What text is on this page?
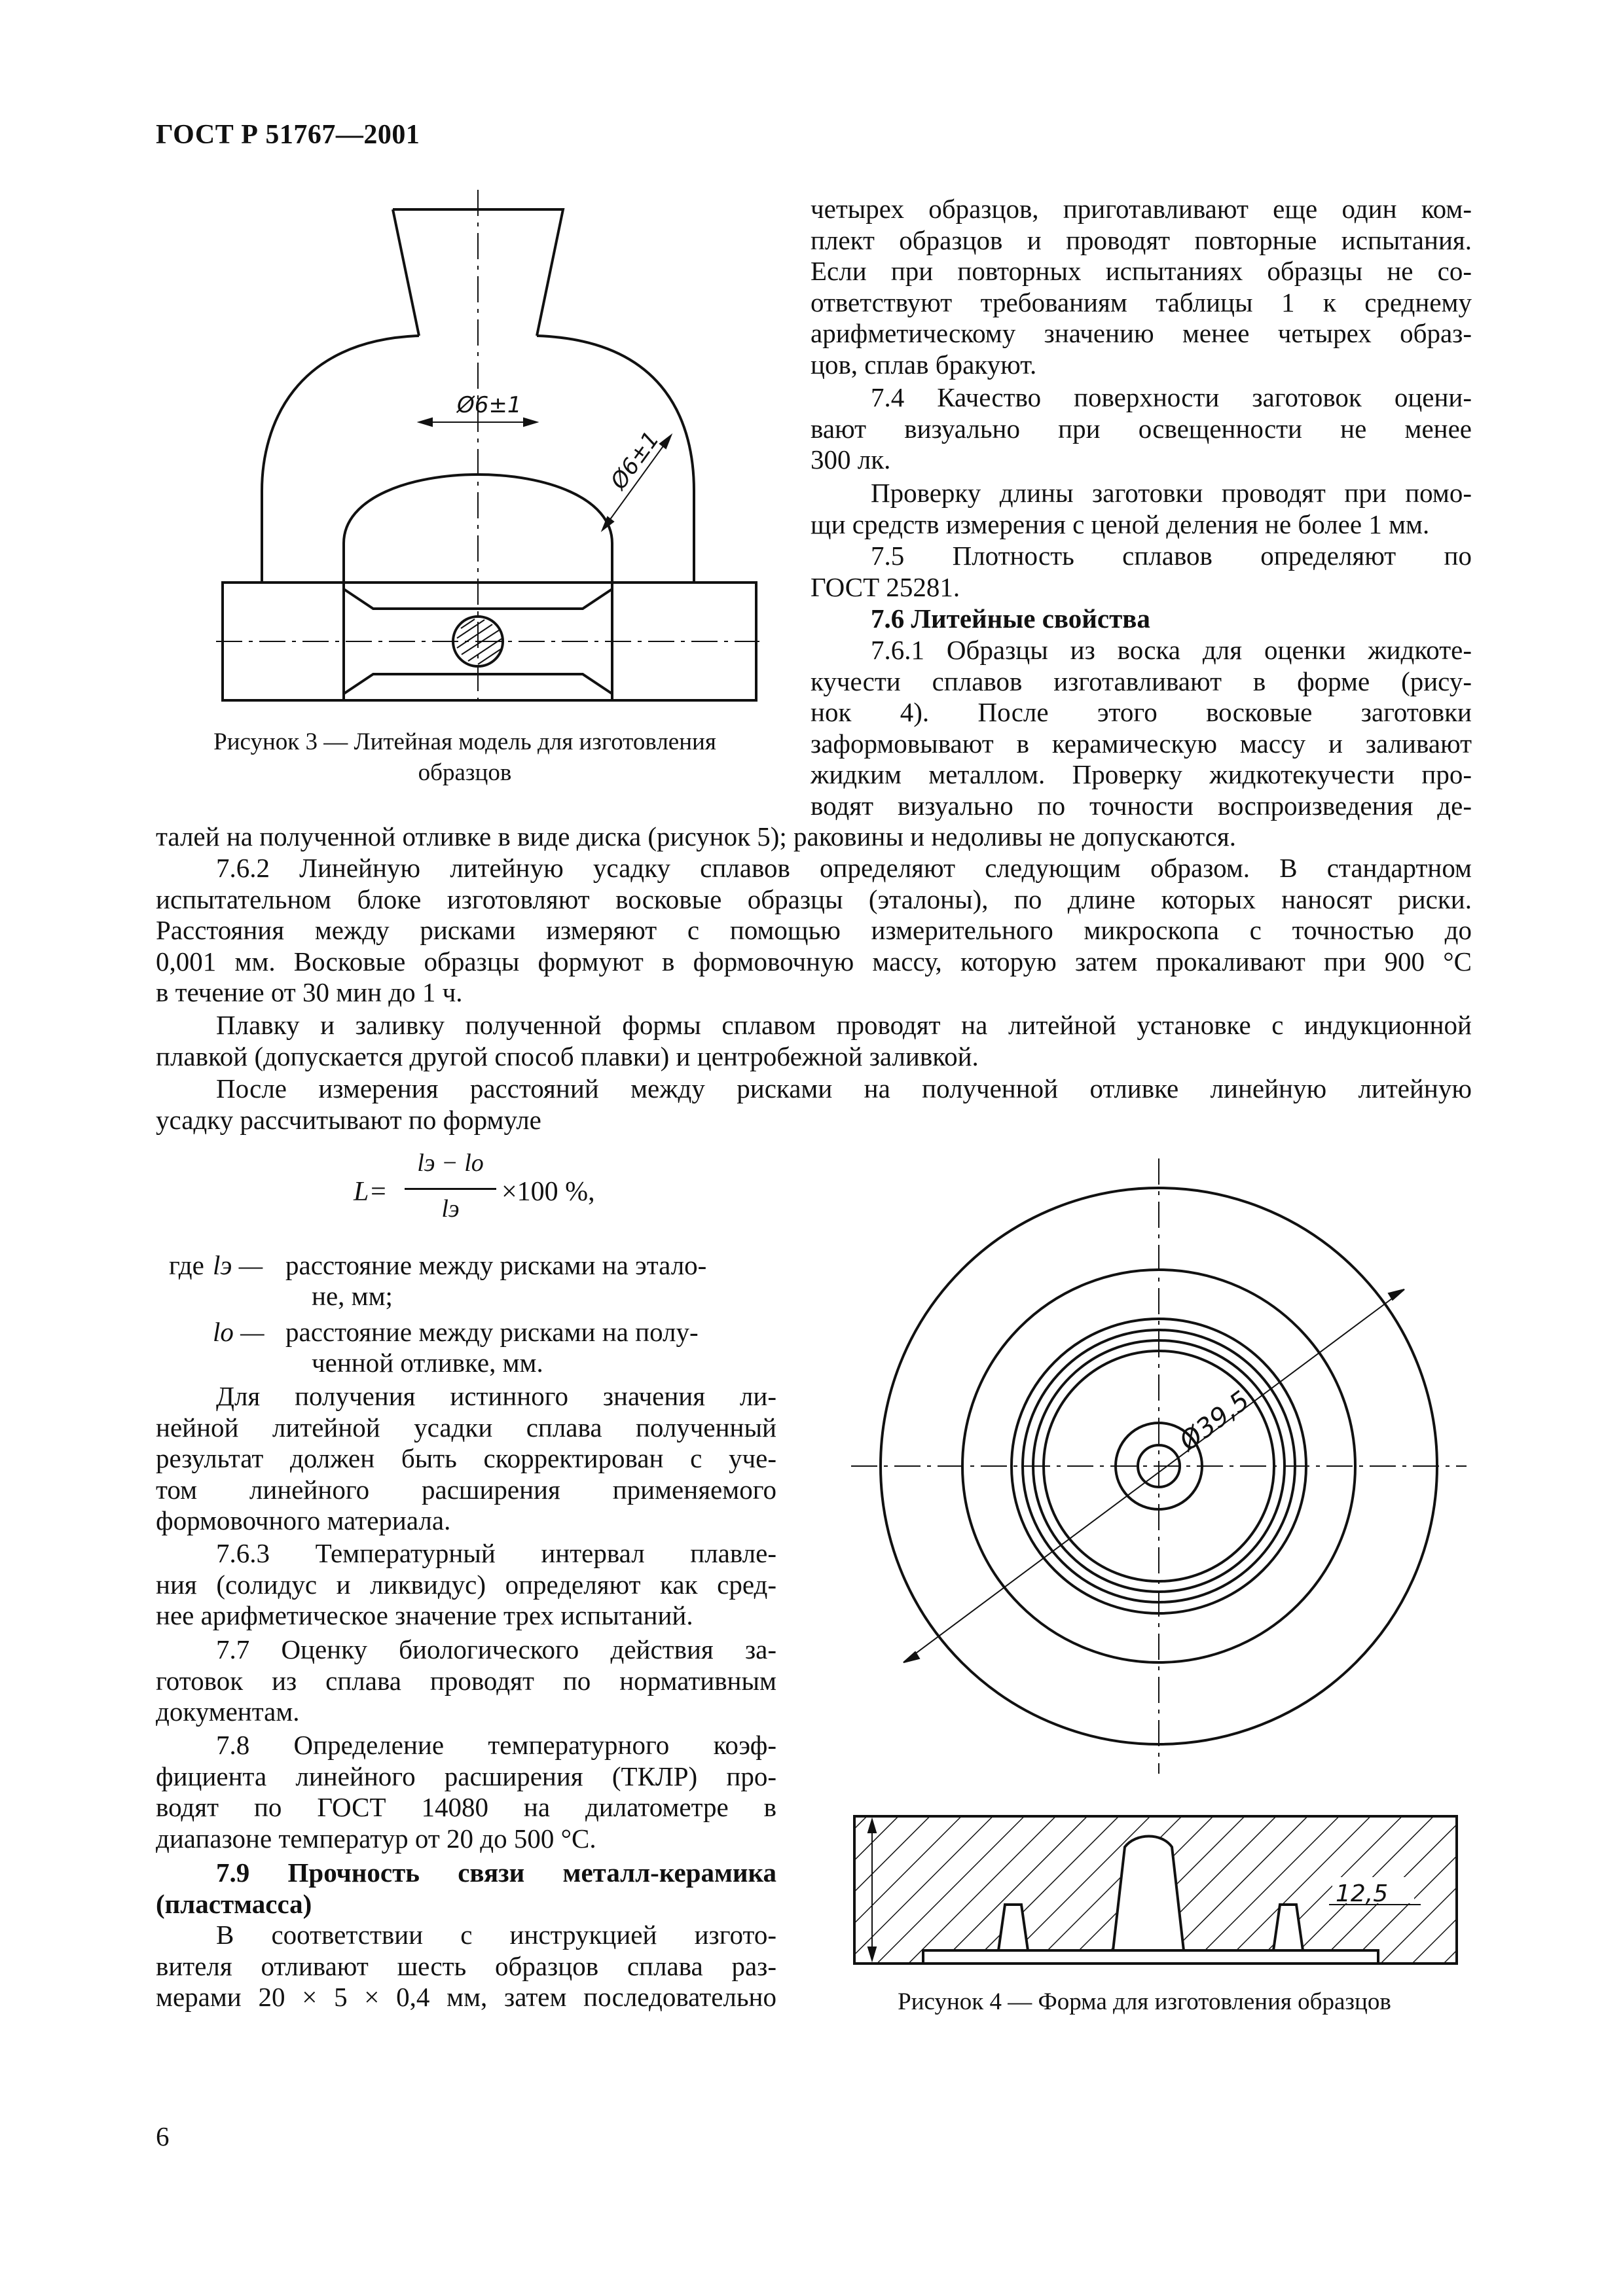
ГОСТ Р 51767—2001
Ø6±1
Ø6±1
Рисунок 3 — Литейная модель для изготовления
образцов
четырех образцов, приготавливают еще один ком-
плект образцов и проводят повторные испытания.
Если при повторных испытаниях образцы не со-
ответствуют требованиям таблицы 1 к среднему
арифметическому значению менее четырех образ-
цов, сплав бракуют.
7.4 Качество поверхности заготовок оцени-
вают визуально при освещенности не менее
300 лк.
Проверку длины заготовки проводят при помо-
щи средств измерения с ценой деления не более 1 мм.
7.5 Плотность сплавов определяют по
ГОСТ 25281.
7.6 Литейные свойства
7.6.1 Образцы из воска для оценки жидкоте-
кучести сплавов изготавливают в форме (рису-
нок 4). После этого восковые заготовки
заформовывают в керамическую массу и заливают
жидким металлом. Проверку жидкотекучести про-
водят визуально по точности воспроизведения де-
талей на полученной отливке в виде диска (рисунок 5); раковины и недоливы не допускаются.
7.6.2 Линейную литейную усадку сплавов определяют следующим образом. В стандартном
испытательном блоке изготовляют восковые образцы (эталоны), по длине которых наносят риски.
Расстояния между рисками измеряют с помощью измерительного микроскопа с точностью до
0,001 мм. Восковые образцы формуют в формовочную массу, которую затем прокаливают при 900 °С
в течение от 30 мин до 1 ч.
Плавку и заливку полученной формы сплавом проводят на литейной установке с индукционной
плавкой (допускается другой способ плавки) и центробежной заливкой.
После измерения расстояний между рисками на полученной отливке линейную литейную
усадку рассчитывают по формуле
L=
lэ − lо
lэ
×100 %,
где lэ — расстояние между рисками на этало-
не, мм;
lо — расстояние между рисками на полу-
ченной отливке, мм.
Для получения истинного значения ли-
нейной литейной усадки сплава полученный
результат должен быть скорректирован с уче-
том линейного расширения применяемого
формовочного материала.
7.6.3 Температурный интервал плавле-
ния (солидус и ликвидус) определяют как сред-
нее арифметическое значение трех испытаний.
7.7 Оценку биологического действия за-
готовок из сплава проводят по нормативным
документам.
7.8 Определение температурного коэф-
фициента линейного расширения (ТКЛР) про-
водят по ГОСТ 14080 на дилатометре в
диапазоне температур от 20 до 500 °С.
7.9 Прочность связи металл-керамика
(пластмасса)
В соответствии с инструкцией изгото-
вителя отливают шесть образцов сплава раз-
мерами 20 × 5 × 0,4 мм, затем последовательно
Ø39,5
12,5
Рисунок 4 — Форма для изготовления образцов
6
